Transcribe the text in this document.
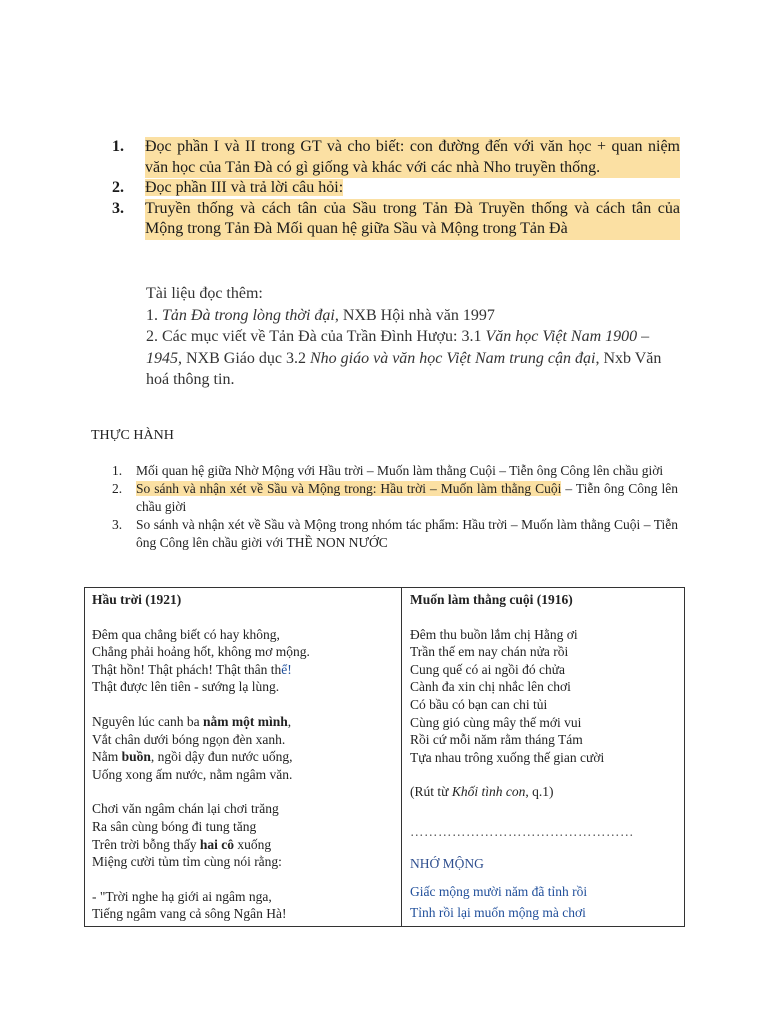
1.	Đọc phần I và II trong GT và cho biết: con đường đến với văn học + quan niệm văn học của Tản Đà có gì giống và khác với các nhà Nho truyền thống.
2.	Đọc phần III và trả lời câu hỏi:
3.	Truyền thống và cách tân của Sầu trong Tản Đà Truyền thống và cách tân của Mộng trong Tản Đà Mối quan hệ giữa Sầu và Mộng trong Tản Đà

Tài liệu đọc thêm:

1. Tản Đà trong lòng thời đại, NXB Hội nhà văn 1997

2. Các mục viết về Tản Đà của Trần Đình Hượu: 3.1 Văn học Việt Nam 1900 – 1945, NXB Giáo dục 3.2 Nho giáo và văn học Việt Nam trung cận đại, Nxb Văn hoá thông tin.

THỰC HÀNH
1.	Mối quan hệ giữa Nhờ Mộng với Hầu trời – Muốn làm thằng Cuội – Tiễn ông Công lên chầu giời
2.	So sánh và nhận xét về Sầu và Mộng trong: Hầu trời – Muốn làm thằng Cuội – Tiễn ông Công lên chầu giời
3.	So sánh và nhận xét về Sầu và Mộng trong nhóm tác phẩm: Hầu trời – Muốn làm thằng Cuội – Tiễn ông Công lên chầu giời với THỀ NON NƯỚC
Hầu trời (1921)
Đêm qua chẳng biết có hay không,
Chẳng phải hoảng hốt, không mơ mộng.
Thật hồn! Thật phách! Thật thân thể!
Thật được lên tiên - sướng lạ lùng.
Nguyên lúc canh ba nằm một mình,
Vắt chân dưới bóng ngọn đèn xanh.
Nằm buồn, ngồi dậy đun nước uống,
Uống xong ấm nước, nằm ngâm văn.
Chơi văn ngâm chán lại chơi trăng
Ra sân cùng bóng đi tung tăng
Trên trời bỗng thấy hai cô xuống
Miệng cười tủm tỉm cùng nói rằng:
- "Trời nghe hạ giới ai ngâm nga,
Tiếng ngâm vang cả sông Ngân Hà!
Muốn làm thằng cuội (1916)
Đêm thu buồn lắm chị Hằng ơi
Trần thế em nay chán nửa rồi
Cung quế có ai ngồi đó chửa
Cành đa xin chị nhắc lên chơi
Có bầu có bạn can chi tủi
Cùng gió cùng mây thế mới vui
Rồi cứ mỗi năm rằm tháng Tám
Tựa nhau trông xuống thế gian cười
(Rút từ Khối tình con, q.1)
…………………………………………
NHỚ MỘNG
Giấc mộng mười năm đã tỉnh rồi
Tỉnh rồi lại muốn mộng mà chơi
